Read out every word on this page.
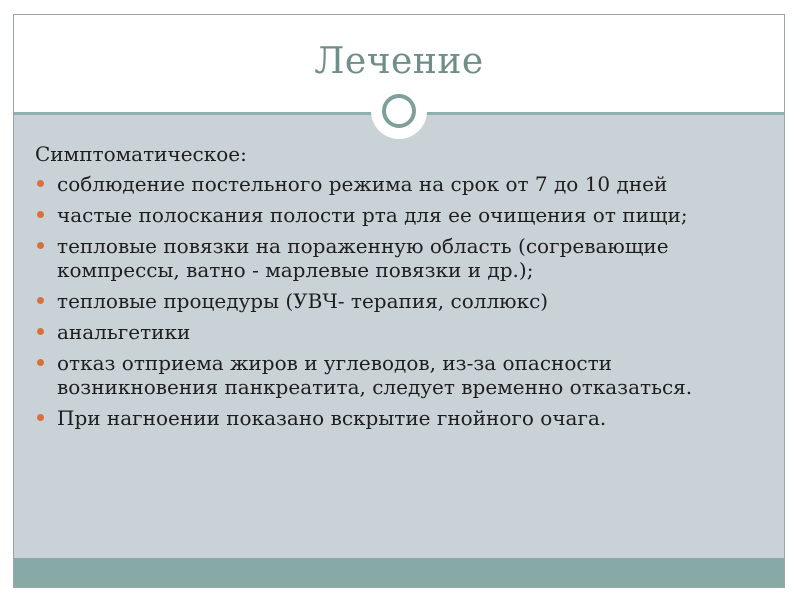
Лечение
Симптоматическое:
соблюдение постельного режима на срок от 7 до 10 дней
частые полоскания полости рта для ее очищения от пищи;
тепловые повязки на пораженную область (согревающие компрессы, ватно - марлевые повязки и др.);
тепловые процедуры (УВЧ- терапия, соллюкс)
анальгетики
отказ отприема жиров и углеводов, из-за опасности возникновения панкреатита, следует временно отказаться.
При нагноении показано вскрытие гнойного очага.
